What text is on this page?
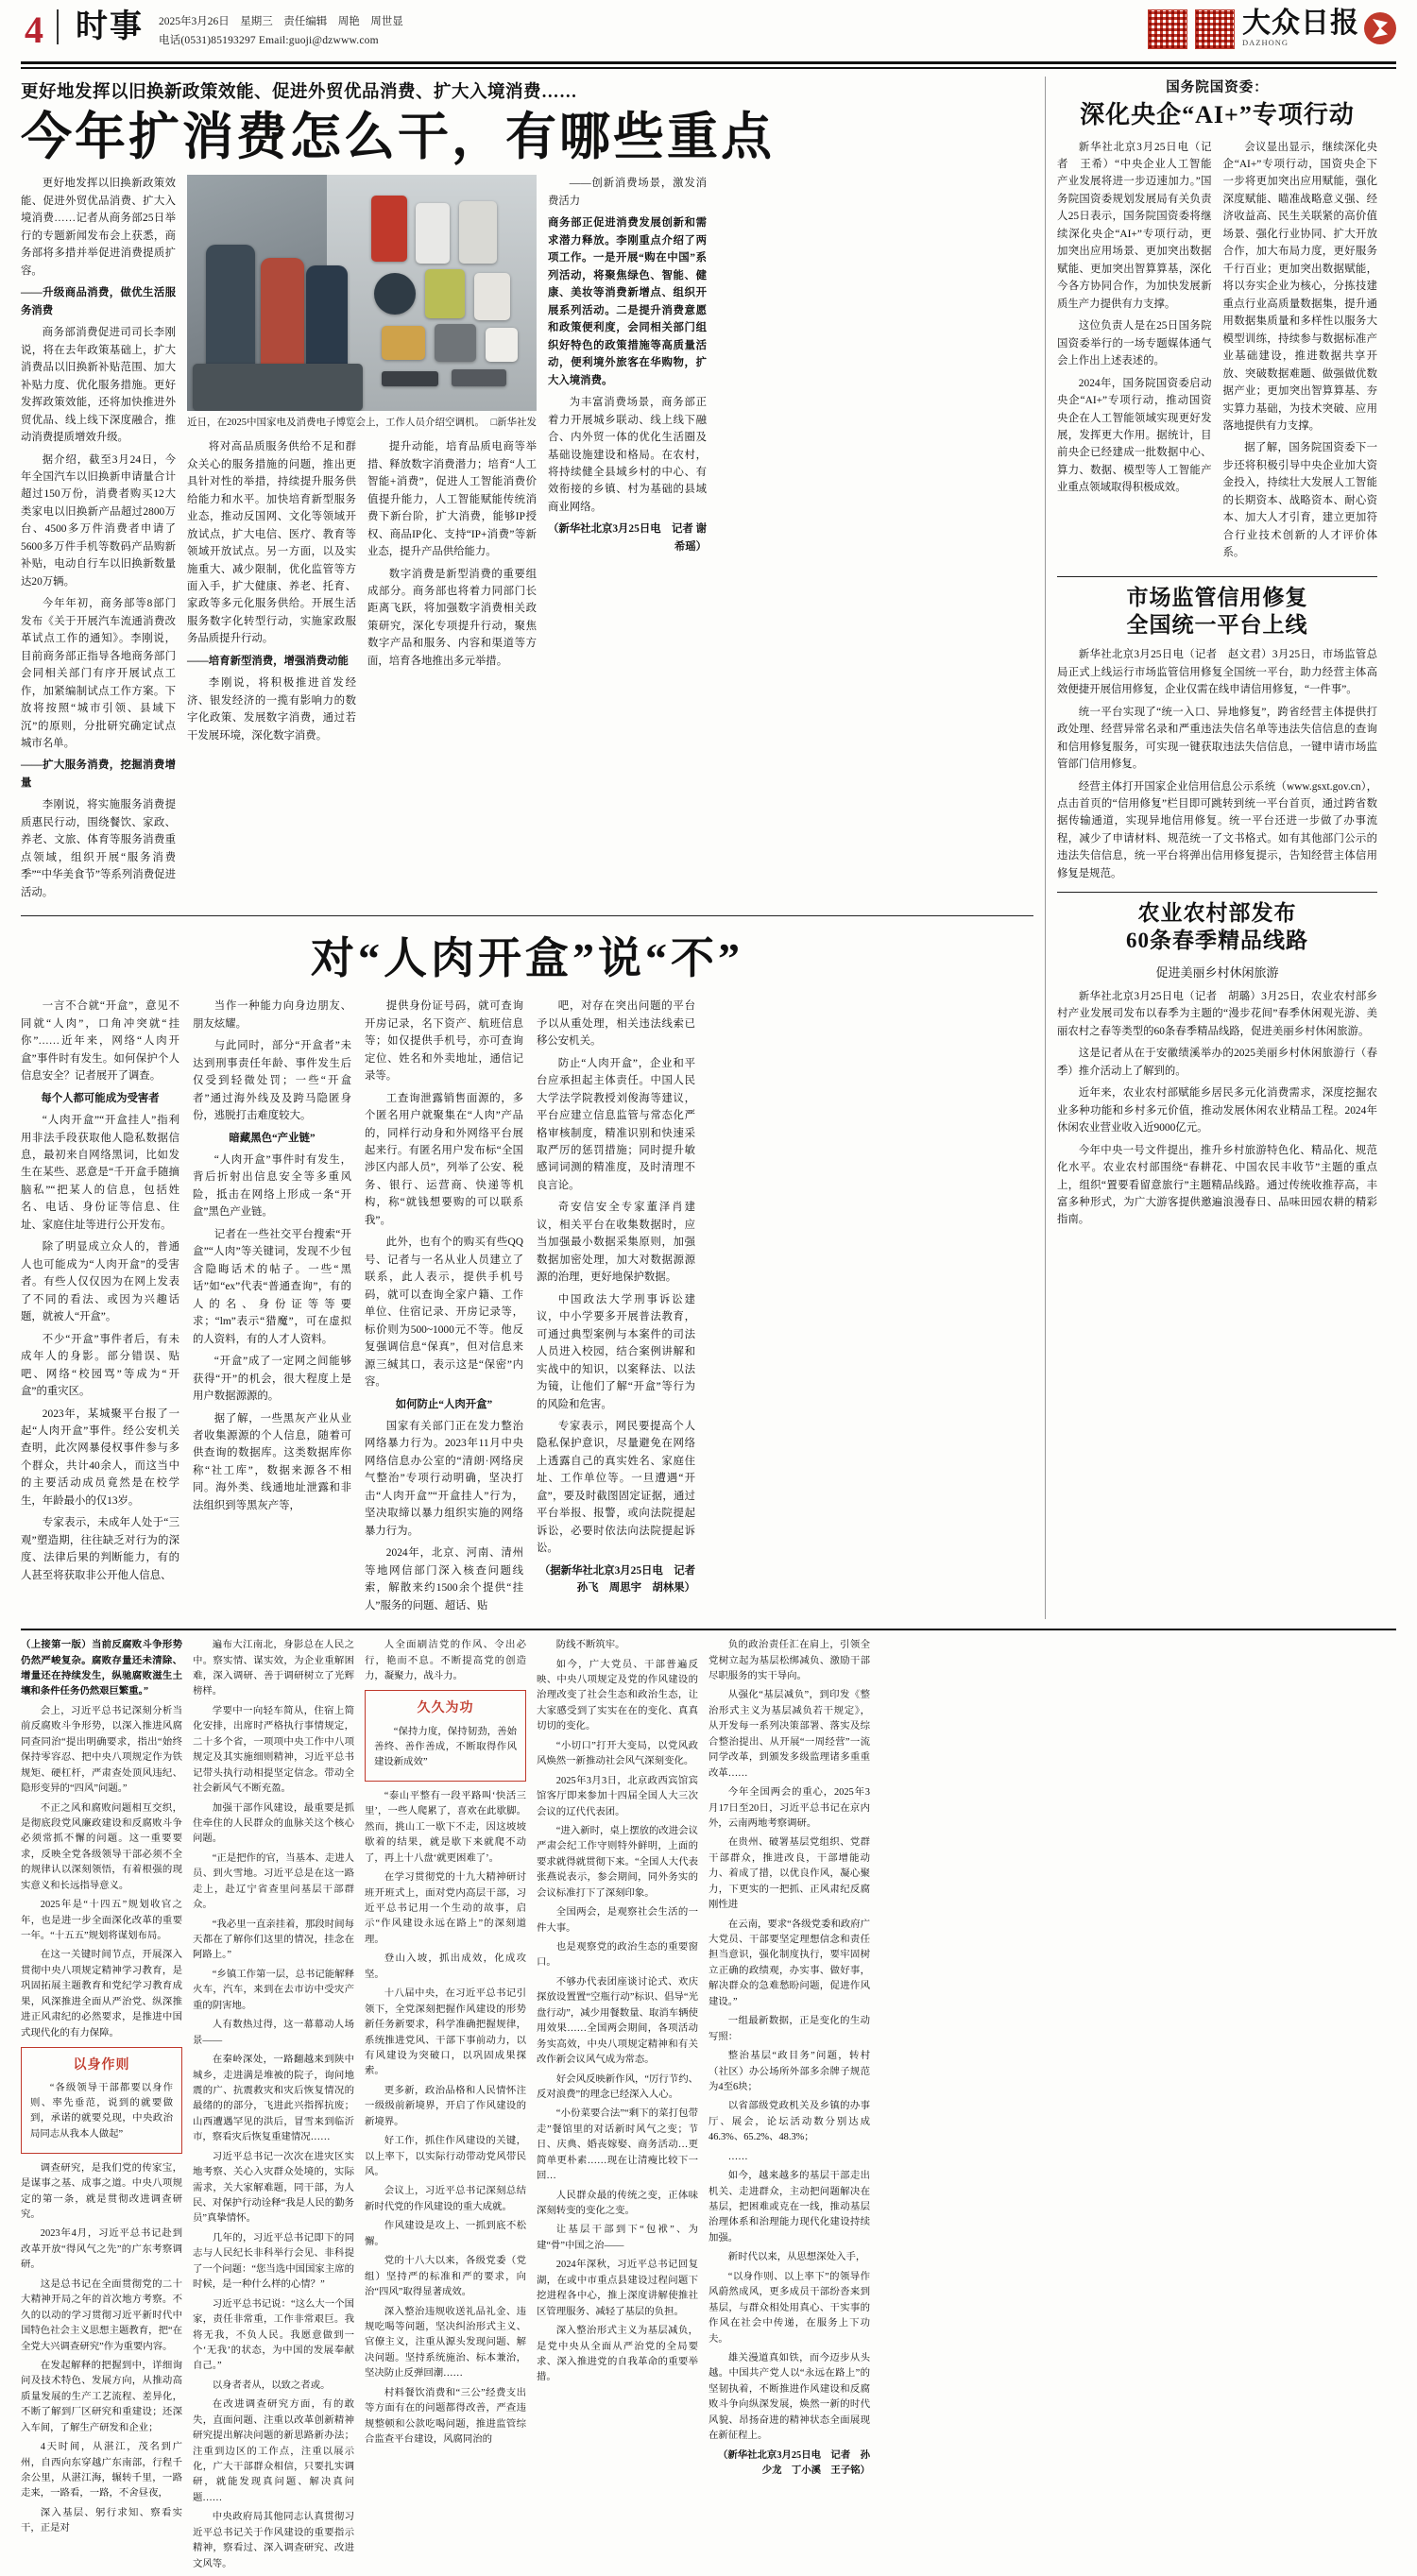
4	时事	2025年3月26日　星期三　责任编辑　周艳　周世显
电话(0531)85193297 Email:guoji@dzwww.com
大众日报
DAZHONG
更好地发挥以旧换新政策效能、促进外贸优品消费、扩大入境消费……
今年扩消费怎么干，有哪些重点

更好地发挥以旧换新政策效能、促进外贸优品消费、扩大入境消费……记者从商务部25日举行的专题新闻发布会上获悉，商务部将多措并举促进消费提质扩容。

——升级商品消费，做优生活服务消费

商务部消费促进司司长李刚说，将在去年政策基础上，扩大消费品以旧换新补贴范围、加大补贴力度、优化服务措施。更好发挥政策效能，还将加快推进外贸优品、线上线下深度融合，推动消费提质增效升级。

据介绍，截至3月24日，今年全国汽车以旧换新申请量合计超过150万份，消费者购买12大类家电以旧换新产品超过2800万台、4500多万件消费者申请了5600多万件手机等数码产品购新补贴，电动自行车以旧换新数量达20万辆。

今年年初，商务部等8部门发布《关于开展汽车流通消费改革试点工作的通知》。李刚说，目前商务部正指导各地商务部门会同相关部门有序开展试点工作，加紧编制试点工作方案。下放将按照“城市引领、县域下沉”的原则，分批研究确定试点城市名单。

——扩大服务消费，挖掘消费增量

李刚说，将实施服务消费提质惠民行动，围绕餐饮、家政、养老、文旅、体育等服务消费重点领域，组织开展“服务消费季”“中华美食节”等系列消费促进活动。

近日，在2025中国家电及消费电子博览会上，工作人员介绍空调机。 □新华社发

将对高品质服务供给不足和群众关心的服务措施的问题，推出更具针对性的举措，持续提升服务供给能力和水平。加快培育新型服务业态，推动反国网、文化等领域开放试点，扩大电信、医疗、教育等领域开放试点。另一方面，以及实施重大、减少限制，优化监管等方面入手，扩大健康、养老、托育、家政等多元化服务供给。开展生活服务数字化转型行动，实施家政服务品质提升行动。

——培育新型消费，增强消费动能

李刚说，将积极推进首发经济、银发经济的一揽有影响力的数字化政策、发展数字消费，通过若干发展环境，深化数字消费。

提升动能，培育品质电商等举措、释放数字消费潜力；培育“人工智能+消费”，促进人工智能消费价值提升能力，人工智能赋能传统消费下新台阶，扩大消费，能够IP授权、商品IP化、支持“IP+消费”等新业态，提升产品供给能力。

数字消费是新型消费的重要组成部分。商务部也将着力同部门长距离飞跃，将加强数字消费相关政策研究，深化专项提升行动，聚焦数字产品和服务、内容和渠道等方面，培育各地推出多元举措。

——创新消费场景，激发消费活力

商务部正促进消费发展创新和需求潜力释放。李刚重点介绍了两项工作。一是开展“购在中国”系列活动，将聚焦绿色、智能、健康、美妆等消费新增点、组织开展系列活动。二是提升消费意愿和政策便利度，会同相关部门组织好特色的政策措施等高质量活动，便利境外旅客在华购物，扩大入境消费。

为丰富消费场景，商务部正着力开展城乡联动、线上线下融合、内外贸一体的优化生活圈及基础设施建设和格局。在农村，将持续健全县域乡村的中心、有效衔接的乡镇、村为基础的县域商业网络。

（新华社北京3月25日电　记者 谢希瑶）

对“人肉开盒”说“不”

一言不合就“开盒”，意见不同就“人肉”，口角冲突就“挂你”……近年来，网络“人肉开盒”事件时有发生。如何保护个人信息安全？记者展开了调查。

每个人都可能成为受害者

“人肉开盒”“开盒挂人”指利用非法手段获取他人隐私数据信息，最初来自网络黑词，比如发生在某些、恶意是“千开盒手随摘脑私”“把某人的信息，包括姓名、电话、身份证等信息、住址、家庭住址等进行公开发布。

除了明显成立众人的，普通人也可能成为“人肉开盒”的受害者。有些人仅仅因为在网上发表了不同的看法、或因为兴趣话题，就被人“开盒”。

不少“开盒”事件者后，有未成年人的身影。部分错误、贴吧、网络“校园骂”等成为“开盒”的重灾区。

2023年，某城聚平台报了一起“人肉开盒”事件。经公安机关查明，此次网暴侵权事件参与多个群众，共计40余人，而这当中的主要活动成员竟然是在校学生，年龄最小的仅13岁。

专家表示，未成年人处于“三观”塑造期，往往缺乏对行为的深度、法律后果的判断能力，有的人甚至将获取非公开他人信息、

当作一种能力向身边朋友、朋友炫耀。

与此同时，部分“开盒者”未达到刑事责任年龄、事件发生后仅受到轻微处罚；一些“开盒者”通过海外线及及跨马隐匿身份，逃脱打击难度较大。

暗藏黑色“产业链”

“人肉开盒”事件时有发生，背后折射出信息安全等多重风险，抵击在网络上形成一条“开盒”黑色产业链。

记者在一些社交平台搜索“开盒”“人肉”等关键词，发现不少包含隐晦话术的帖子。一些“黑话”如“ex”代表“普通查询”，有的人的名、身份证等等要求；“lm”表示“猎魔”，可在虚拟的人资料，有的人才人资料。

“开盒”成了一定网之间能够获得“开”的机会，很大程度上是用户数据源源的。

据了解，一些黑灰产业从业者收集源源的个人信息，随着可供查询的数据库。这类数据库你称“社工库”，数据来源各不相同。海外类、线通地址泄露和非法组织到等黑灰产等，

提供身份证号码，就可查询开房记录，名下资产、航班信息等；如仅提供手机号，亦可查询定位、姓名和外卖地址，通信记录等。

工查询泄露销售面源的，多个匿名用户就聚集在“人肉”产品的，同样行动身和外网络平台展起来行。有匿名用户发布标“全国涉区内部人员”，列举了公安、税务、银行、运营商、快递等机构，称“就钱想要购的可以联系我”。

此外，也有个的购买有些QQ号、记者与一名从业人员建立了联系，此人表示，提供手机号码，就可以查询全家户籍、工作单位、住宿记录、开房记录等，标价则为500~1000元不等。他反复强调信息“保真”，但对信息来源三缄其口，表示这是“保密”内容。

如何防止“人肉开盒”

国家有关部门正在发力整治网络暴力行为。2023年11月中央网络信息办公室的“清朗·网络戾气整治”专项行动明确，坚决打击“人肉开盒”“开盒挂人”行为，坚决取缔以暴力组织实施的网络暴力行为。

2024年，北京、河南、清州等地网信部门深入核查问题线索，解散来约1500余个提供“挂人”服务的问题、超话、贴

吧，对存在突出问题的平台予以从重处理，相关违法线索已移公安机关。

防止“人肉开盒”，企业和平台应承担起主体责任。中国人民大学法学院教授刘俊海等建议，平台应建立信息监管与常态化严格审核制度，精准识别和快速采取严厉的惩罚措施；同时提升敏感词词测的精准度，及时清理不良言论。

奇安信安全专家董泽肖建议，相关平台在收集数据时，应当加强最小数据采集原则，加强数据加密处理，加大对数据源源源的治理，更好地保护数据。

中国政法大学刑事诉讼建议，中小学要多开展普法教育，可通过典型案例与本案件的司法人员进入校园，结合案例讲解和实战中的知识，以案释法、以法为镜，让他们了解“开盒”等行为的风险和危害。

专家表示，网民要提高个人隐私保护意识，尽量避免在网络上透露自己的真实姓名、家庭住址、工作单位等。一旦遭遇“开盒”，要及时截图固定证据，通过平台举报、报警，或向法院提起诉讼，必要时依法向法院提起诉讼。

（据新华社北京3月25日电　记者　孙飞　周思宇　胡林果）

国务院国资委：
深化央企“AI+”专项行动

新华社北京3月25日电（记者　王希）“中央企业人工智能产业发展将进一步迈速加力。”国务院国资委规划发展局有关负责人25日表示，国务院国资委将继续深化央企“AI+”专项行动，更加突出应用场景、更加突出数据赋能、更加突出智算算基，深化今各方协同合作，为加快发展新质生产力提供有力支撑。

这位负责人是在25日国务院国资委举行的一场专题媒体通气会上作出上述表述的。

2024年，国务院国资委启动央企“AI+”专项行动，推动国资央企在人工智能领域实现更好发展，发挥更大作用。据统计，目前央企已经建成一批数据中心、算力、数据、模型等人工智能产业重点领域取得积极成效。

会议显出显示，继续深化央企“AI+”专项行动，国资央企下一步将更加突出应用赋能，强化深度赋能、瞄准战略意义强、经济收益高、民生关联紧的高价值场景、强化行业协同、扩大开放合作，加大布局力度，更好服务千行百业；更加突出数据赋能，将以夯实企业为核心，分拣技建重点行业高质量数据集，提升通用数据集质量和多样性以服务大模型训练，持续参与数据标准产业基础建设，推进数据共享开放、突破数据难题、做强做优数据产业；更加突出智算算基、夯实算力基础，为技术突破、应用落地提供有力支撑。

据了解，国务院国资委下一步还将积极引导中央企业加大资金投入，持续壮大发展人工智能的长期资本、战略资本、耐心资本、加大人才引育，建立更加符合行业技术创新的人才评价体系。

市场监管信用修复
全国统一平台上线

新华社北京3月25日电（记者　赵文君）3月25日，市场监管总局正式上线运行市场监管信用修复全国统一平台，助力经营主体高效便捷开展信用修复，企业仅需在线申请信用修复，“一件事”。

统一平台实现了“统一入口、异地修复”，跨省经营主体提供打政处理、经营异常名录和严重违法失信名单等违法失信信息的查询和信用修复服务，可实现一键获取违法失信信息，一键申请市场监管部门信用修复。

经营主体打开国家企业信用信息公示系统（www.gsxt.gov.cn），点击首页的“信用修复”栏目即可跳转到统一平台首页，通过跨省数据传输通道，实现异地信用修复。统一平台还进一步做了办事流程，减少了申请材料、规范统一了文书格式。如有其他部门公示的违法失信信息，统一平台将弹出信用修复提示，告知经营主体信用修复是规范。

农业农村部发布
60条春季精品线路
促进美丽乡村休闲旅游

新华社北京3月25日电（记者　胡璐）3月25日，农业农村部乡村产业发展司发布以春季为主题的“漫步花间”春季休闲观光游、美丽农村之春等类型的60条春季精品线路，促进美丽乡村休闲旅游。

这是记者从在于安徽绩溪举办的2025美丽乡村休闲旅游行（春季）推介活动上了解到的。

近年来，农业农村部赋能乡居民多元化消费需求，深度挖掘农业多种功能和乡村多元价值，推动发展休闲农业精品工程。2024年休闲农业营业收入近9000亿元。

今年中央一号文件提出，推升乡村旅游特色化、精品化、规范化水平。农业农村部围绕“春耕花、中国农民丰收节”主题的重点上，组织“置要看留意旅行”主题精品线路。通过传统收推荐高，丰富多种形式，为广大游客提供邀遍浪漫春日、品味田园农耕的精彩指南。

（上接第一版）当前反腐败斗争形势仍然严峻复杂。腐败存量还未清除、增量还在持续发生，纵驰腐败滋生土壤和条件任务仍然艰巨繁重。”

会上，习近平总书记深刻分析当前反腐败斗争形势，以深入推进风腐同查同治“提出明确要求，指出“始终保持零容忍、把中央八项规定作为铁规矩、硬杠杆，严肃查处顶风违纪、隐形变异的“四风”问题。”

不正之风和腐败问题相互交织，是彻底段党风廉政建设和反腐败斗争必须常抓不懈的问题。这一重要要求，反映全党各级领导干部必须不全的规律认以深刻领悟，有着根强的现实意义和长远指导意义。

2025年是“十四五”规划收官之年，也是进一步全面深化改革的重要一年。“十五五”规划将谋划布局。

在这一关键时间节点，开展深入贯彻中央八项规定精神学习教育，是巩固拓展主题教育和党纪学习教育成果，风深推进全面从严治党、纵深推进正风肃纪的必然要求，是推进中国式现代化的有力保障。

以身作则

“各级领导干部都要以身作则、率先垂范，说到的就要做到，承诺的就要兑现，中央政治局同志从我本人做起”

调查研究，是我们党的传家宝，是谋事之基、成事之道。中央八项规定的第一条，就是贯彻改进调查研究。

2023年4月，习近平总书记赴到改革开放“得风气之先”的广东考察调研。

这是总书记在全面贯彻党的二十大精神开局之年的首次地方考察。不久的以动的学习贯彻习近平新时代中国特色社会主义思想主题教育，把“在全党大兴调查研究”作为重要内容。

在发起解释的把握到中，详细询问及技术特色、发展方向，从推动高质量发展的生产工艺流程、差异化，不断了解到厂区研究和重建设；还深入车间，了解生产研发和企业；

4天时间，从湛江，茂名到广州，自西向东穿越广东南部，行程千余公里，从湛江海，辗转千里，一路走来，一路看，一路，不舍昼夜，

深入基层、躬行求知、察看实干，正是对

遍布大江南北，身影总在人民之中。察实情、谋实效，为企业重解困难，深入调研、善于调研树立了光辉榜样。

学要中一向轻车简从，住宿上简化安排，出席时严格执行事情规定，二十多个省，一项项中央工作中八项规定及其实施细则精神，习近平总书记带头执行动相提坚定信念。带动全社会新风气不断充盈。

加强干部作风建设，最重要是抓住牵住的人民群众的血脉关这个核心问题。

“正是把作的官，当基本、走进人员、到火雪地。习近平总是在这一路走上，赴辽宁省查里问基层干部群众。

“我必里一直亲挂着，那段时间每天都在了解你们这里的情况，挂念在阿路上。”

“乡镇工作第一层，总书记能解释火车，汽车，来到在去市访中受灾产重的阴害地。

人有数热过得，这一幕幕动人场景——

在秦岭深处，一路翻越来到陕中城乡，走进满是堆被的院子，询问地震的广、抗震救灾和灾后恢复情况的最绪的的部分，飞进此兴指挥抗废；山西遭遇罕见的洪后，冒雪来到临沂市，察看灾后恢复重建情况……

习近平总书记一次次在进灾区实地考察、关心入灾群众处境的，实际需求，关大家解难题，同干部，为人民、对保护行动诠释“我是人民的勤务员”真挚情怀。

几年的，习近平总书记即下的同志与人民纪长非科举行会见、非科提了一个问题：“您当选中国国家主席的时候，是一种什么样的心情？”

习近平总书记说：“这么大一个国家，责任非常重，工作非常艰巨。我将无我，不负人民。我愿意做到一个‘无我’的状态，为中国的发展奉献自己。”

以身者者从，以致之者或。

在改进调查研究方面，有的敢失，直面问题、注重以改革创新精神研究提出解决问题的新思路新办法；注重到边区的工作点，注重以展示化，广大干部群众相信，只要扎实调研，就能发现真问题、解决真问题……

中央政府局其他同志认真贯彻习近平总书记关于作风建设的重要指示精神，察看过、深入调查研究、改进文风等。

人全面刷洁党的作风、令出必行，艳而不息。不断提高党的创造力，凝聚力，战斗力。

久久为功

“保持力度，保持韧劲，善始善终、善作善成，不断取得作风建设新成效”

“泰山平整有一段平路叫‘快活三里’，一些人爬累了，喜欢在此歇脚。然而，挑山工一歇下不走，因这坡坡歇着的结果，就是歇下来就爬不动了，再上十八盘‘就更困难了’。

在学习贯彻党的十九大精神研讨班开班式上，面对党内高层干部，习近平总书记用一个生动的故事，启示“作风建设永远在路上”的深刻道理。

登山入坡，抓出成效，化成攻坚。

十八届中央，在习近平总书记引领下，全党深刻把握作风建设的形势新任务新要求，科学准确把握规律，系统推进党风、干部下事前动力，以有风建设为突破口，以巩固成果探索。

更多新，政治品格和人民情怀注一级级前新境界，开启了作风建设的新境界。

好工作，抓住作风建设的关键，以上率下，以实际行动带动党风带民风。

会议上，习近平总书记深刻总结新时代党的作风建设的重大成就。

作风建设是攻上、一抓到底不松懈。

党的十八大以来，各级党委（党组）坚持严的标准和严的要求，向治“四风”取得显著成效。

深入整治违规收送礼品礼金、违规吃喝等问题，坚决纠治形式主义、官僚主义，注重从源头发现问题、解决问题。坚持系统施治、标本兼治，坚决防止反弹回潮……

村料餐饮消费和“三公”经费支出等方面有在的问题都得改善，严查违规整顿和公款吃喝问题，推进监管综合监查平台建设，风腐同治的

防线不断筑牢。

如今，广大党员、干部普遍反映、中央八项规定及党的作风建设的治理改变了社会生态和政治生态，让大家感受到了实实在在的变化、真真切切的变化。

“小切口”打开大变局，以党风政风焕然一新推动社会风气深刻变化。

2025年3月3日，北京政西宾馆宾馆客厅即来参加十四届全国人大三次会议的辽代代表团。

“进入新时，桌上摆放的改进会议严肃会纪工作守则特外鲜明，上面的要求就得就贯彻下来。“全国人大代表张燕说表示，参会期间，同外务实的会议标准打下了深刻印象。

全国两会，是观察社会生活的一件大事。

也是观察党的政治生态的重要窗口。

不够办代表团座谈讨论式、欢庆探放设置置“空瓶行动”标识、倡导“光盘行动”，减少用餐数量、取消车辆使用效果……全国两会期间，各项活动务实高效，中央八项规定精神和有关改作新会议风气成为常态。

好会风反映新作风，“厉行节约、反对浪费”的理念已经深入人心。

“小份菜要合法”“剩下的菜打包带走”餐馆里的对话新时风气之变；节日、庆典、婚丧嫁娶、商务活动…更简单更朴素……现在让清瘦比较下一回…

人民群众最的传统之变，正体味深刻转变的变化之变。

让基层干部到下“包袱”、为建“骨”中国之治——

2024年深秋，习近平总书记回复湖，在或中市重点县建设过程问题下挖进程各中心，推上深度讲解使推社区管理服务、减轻了基层的负担。

深入整治形式主义为基层减负，是党中央从全面从严治党的全局要求、深入推进党的自我革命的重要举措。

负的政治责任汇在肩上，引领全党树立起为基层松绑减负、激励干部尽职服务的实干导向。

从强化“基层减负”，到印发《整治形式主义为基层减负若干规定》，从开发每一系列决策部署、落实及综合整治提出、从开展“一周经营”一流同学改革，到颁发多级监理诸多重重改革……

今年全国两会的重心，2025年3月17日至20日，习近平总书记在京内外，云南两地考察调研。

在贵州、破署基层党组织、党群干部群众，推进改良，干部增能动力、着成了措，以优良作风，凝心聚力，下更实的一把抓、正风肃纪反腐刚性进

在云南，要求“各级党委和政府广大党员、干部要坚定理想信念和责任担当意识，强化制度执行，要牢固树立正确的政绩观，办实事、做好事，解决群众的急难愁盼问题，促进作风建设。”

一组最新数据，正是变化的生动写照：

整治基层“政目务”问题，转村（社区）办公场所外部多余牌子规范为4至6块；

以省部级党政机关及乡镇的办事厅、展会，论坛活动数分别达成46.3%、65.2%、48.3%；

……

如今，越来越多的基层干部走出机关、走进群众，主动把问题解决在基层，把困难或克在一线，推动基层治理体系和治理能力现代化建设持续加强。

新时代以来，从思想深处入手，

“以身作则、以上率下”的领导作风蔚然成风，更多成员干部纷沓来到基层，与群众相处用真心、干实事的作风在社会中传递，在服务上下功夫。

雄关漫道真如铁，而今迈步从头越。中国共产党人以“永远在路上”的坚韧执着，不断推进作风建设和反腐败斗争向纵深发展，焕然一新的时代风貌、昂扬奋进的精神状态全面展现在新征程上。

（新华社北京3月25日电　记者　孙少龙　丁小溪　王子铭）
